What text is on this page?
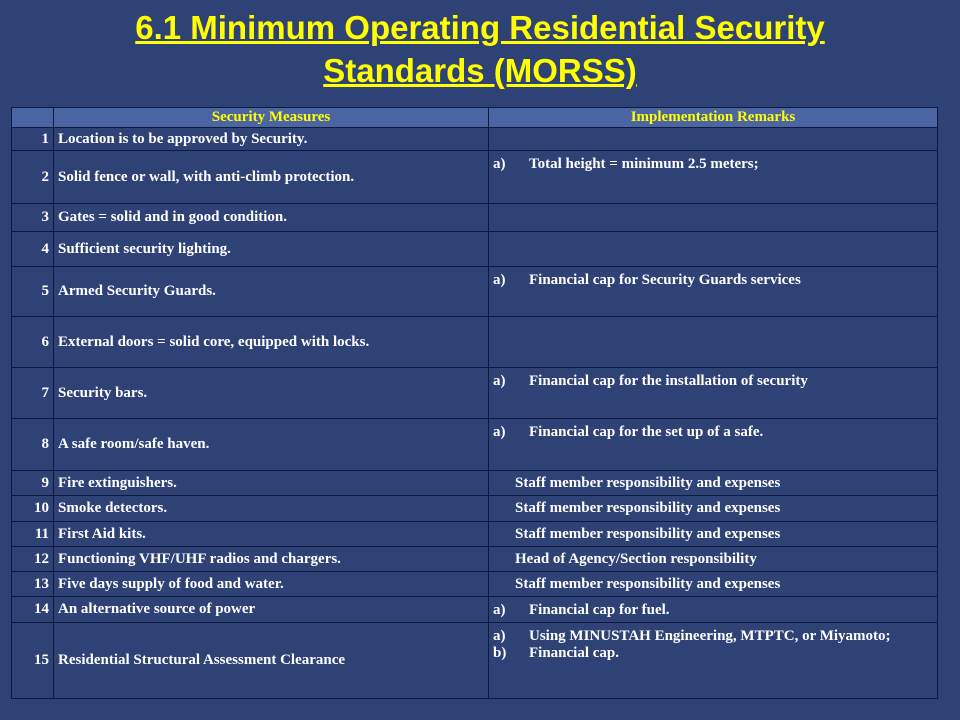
6.1 Minimum Operating Residential Security
Standards (MORSS)
	Security Measures	Implementation Remarks
1	Location is to be approved by Security.	
2	Solid fence or wall, with anti-climb protection.	a) Total height = minimum 2.5 meters;

3	Gates = solid and in good condition.	
4	Sufficient security lighting.	
5	Armed Security Guards.	a) Financial cap for Security Guards services

6	External doors = solid core, equipped with locks.	
7	Security bars.	a) Financial cap for the installation of security

8	A safe room/safe haven.	a) Financial cap for the set up of a safe.

9	Fire extinguishers.	Staff member responsibility and expenses
10	Smoke detectors.	Staff member responsibility and expenses
11	First Aid kits.	Staff member responsibility and expenses
12	Functioning VHF/UHF radios and chargers.	Head of Agency/Section responsibility
13	Five days supply of food and water.	Staff member responsibility and expenses
14	An alternative source of power	a) Financial cap for fuel.

15	Residential Structural Assessment Clearance	a) Using MINUSTAH Engineering, MTPTC, or Miyamoto;
b) Financial cap.
